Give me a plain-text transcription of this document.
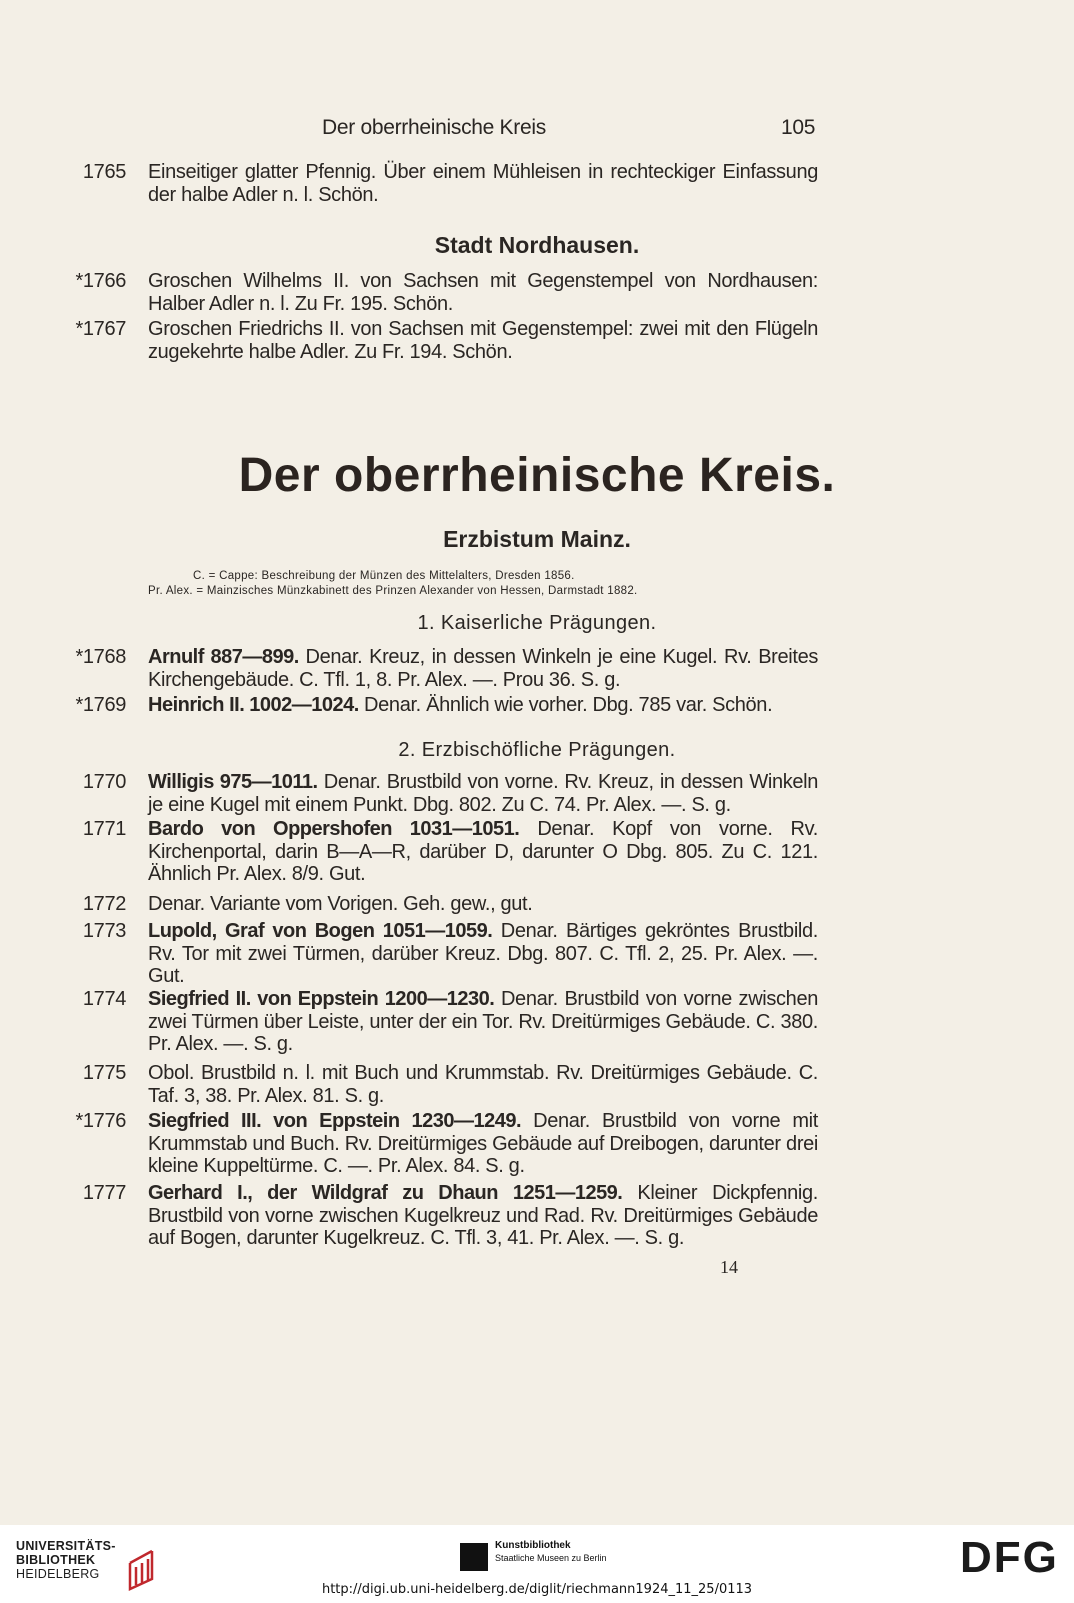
Der oberrheinische Kreis	105
1765 Einseitiger glatter Pfennig. Über einem Mühleisen in rechteckiger Einfassung der halbe Adler n. l. Schön.
Stadt Nordhausen.
*1766 Groschen Wilhelms II. von Sachsen mit Gegenstempel von Nordhausen: Halber Adler n. l. Zu Fr. 195. Schön.
*1767 Groschen Friedrichs II. von Sachsen mit Gegenstempel: zwei mit den Flügeln zugekehrte halbe Adler. Zu Fr. 194. Schön.
Der oberrheinische Kreis.
Erzbistum Mainz.
C. = Cappe: Beschreibung der Münzen des Mittelalters, Dresden 1856.
Pr. Alex. = Mainzisches Münzkabinett des Prinzen Alexander von Hessen, Darmstadt 1882.
1. Kaiserliche Prägungen.
*1768 Arnulf 887—899. Denar. Kreuz, in dessen Winkeln je eine Kugel. Rv. Breites Kirchengebäude. C. Tfl. 1, 8. Pr. Alex. —. Prou 36. S. g.
*1769 Heinrich II. 1002—1024. Denar. Ähnlich wie vorher. Dbg. 785 var. Schön.
2. Erzbischöfliche Prägungen.
1770 Willigis 975—1011. Denar. Brustbild von vorne. Rv. Kreuz, in dessen Winkeln je eine Kugel mit einem Punkt. Dbg. 802. Zu C. 74. Pr. Alex. —. S. g.
1771 Bardo von Oppershofen 1031—1051. Denar. Kopf von vorne. Rv. Kirchenportal, darin B—A—R, darüber D, darunter O Dbg. 805. Zu C. 121. Ähnlich Pr. Alex. 8/9. Gut.
1772 Denar. Variante vom Vorigen. Geh. gew., gut.
1773 Lupold, Graf von Bogen 1051—1059. Denar. Bärtiges gekröntes Brustbild. Rv. Tor mit zwei Türmen, darüber Kreuz. Dbg. 807. C. Tfl. 2, 25. Pr. Alex. —. Gut.
1774 Siegfried II. von Eppstein 1200—1230. Denar. Brustbild von vorne zwischen zwei Türmen über Leiste, unter der ein Tor. Rv. Dreitürmiges Gebäude. C. 380. Pr. Alex. —. S. g.
1775 Obol. Brustbild n. l. mit Buch und Krummstab. Rv. Dreitürmiges Gebäude. C. Taf. 3, 38. Pr. Alex. 81. S. g.
*1776 Siegfried III. von Eppstein 1230—1249. Denar. Brustbild von vorne mit Krummstab und Buch. Rv. Dreitürmiges Gebäude auf Dreibogen, darunter drei kleine Kuppeltürme. C. —. Pr. Alex. 84. S. g.
1777 Gerhard I., der Wildgraf zu Dhaun 1251—1259. Kleiner Dickpfennig. Brustbild von vorne zwischen Kugelkreuz und Rad. Rv. Dreitürmiges Gebäude auf Bogen, darunter Kugelkreuz. C. Tfl. 3, 41. Pr. Alex. —. S. g.
14
UNIVERSITÄTS-
BIBLIOTHEK
HEIDELBERG
Kunstbibliothek
Staatliche Museen zu Berlin	DFG
http://digi.ub.uni-heidelberg.de/diglit/riechmann1924_11_25/0113
